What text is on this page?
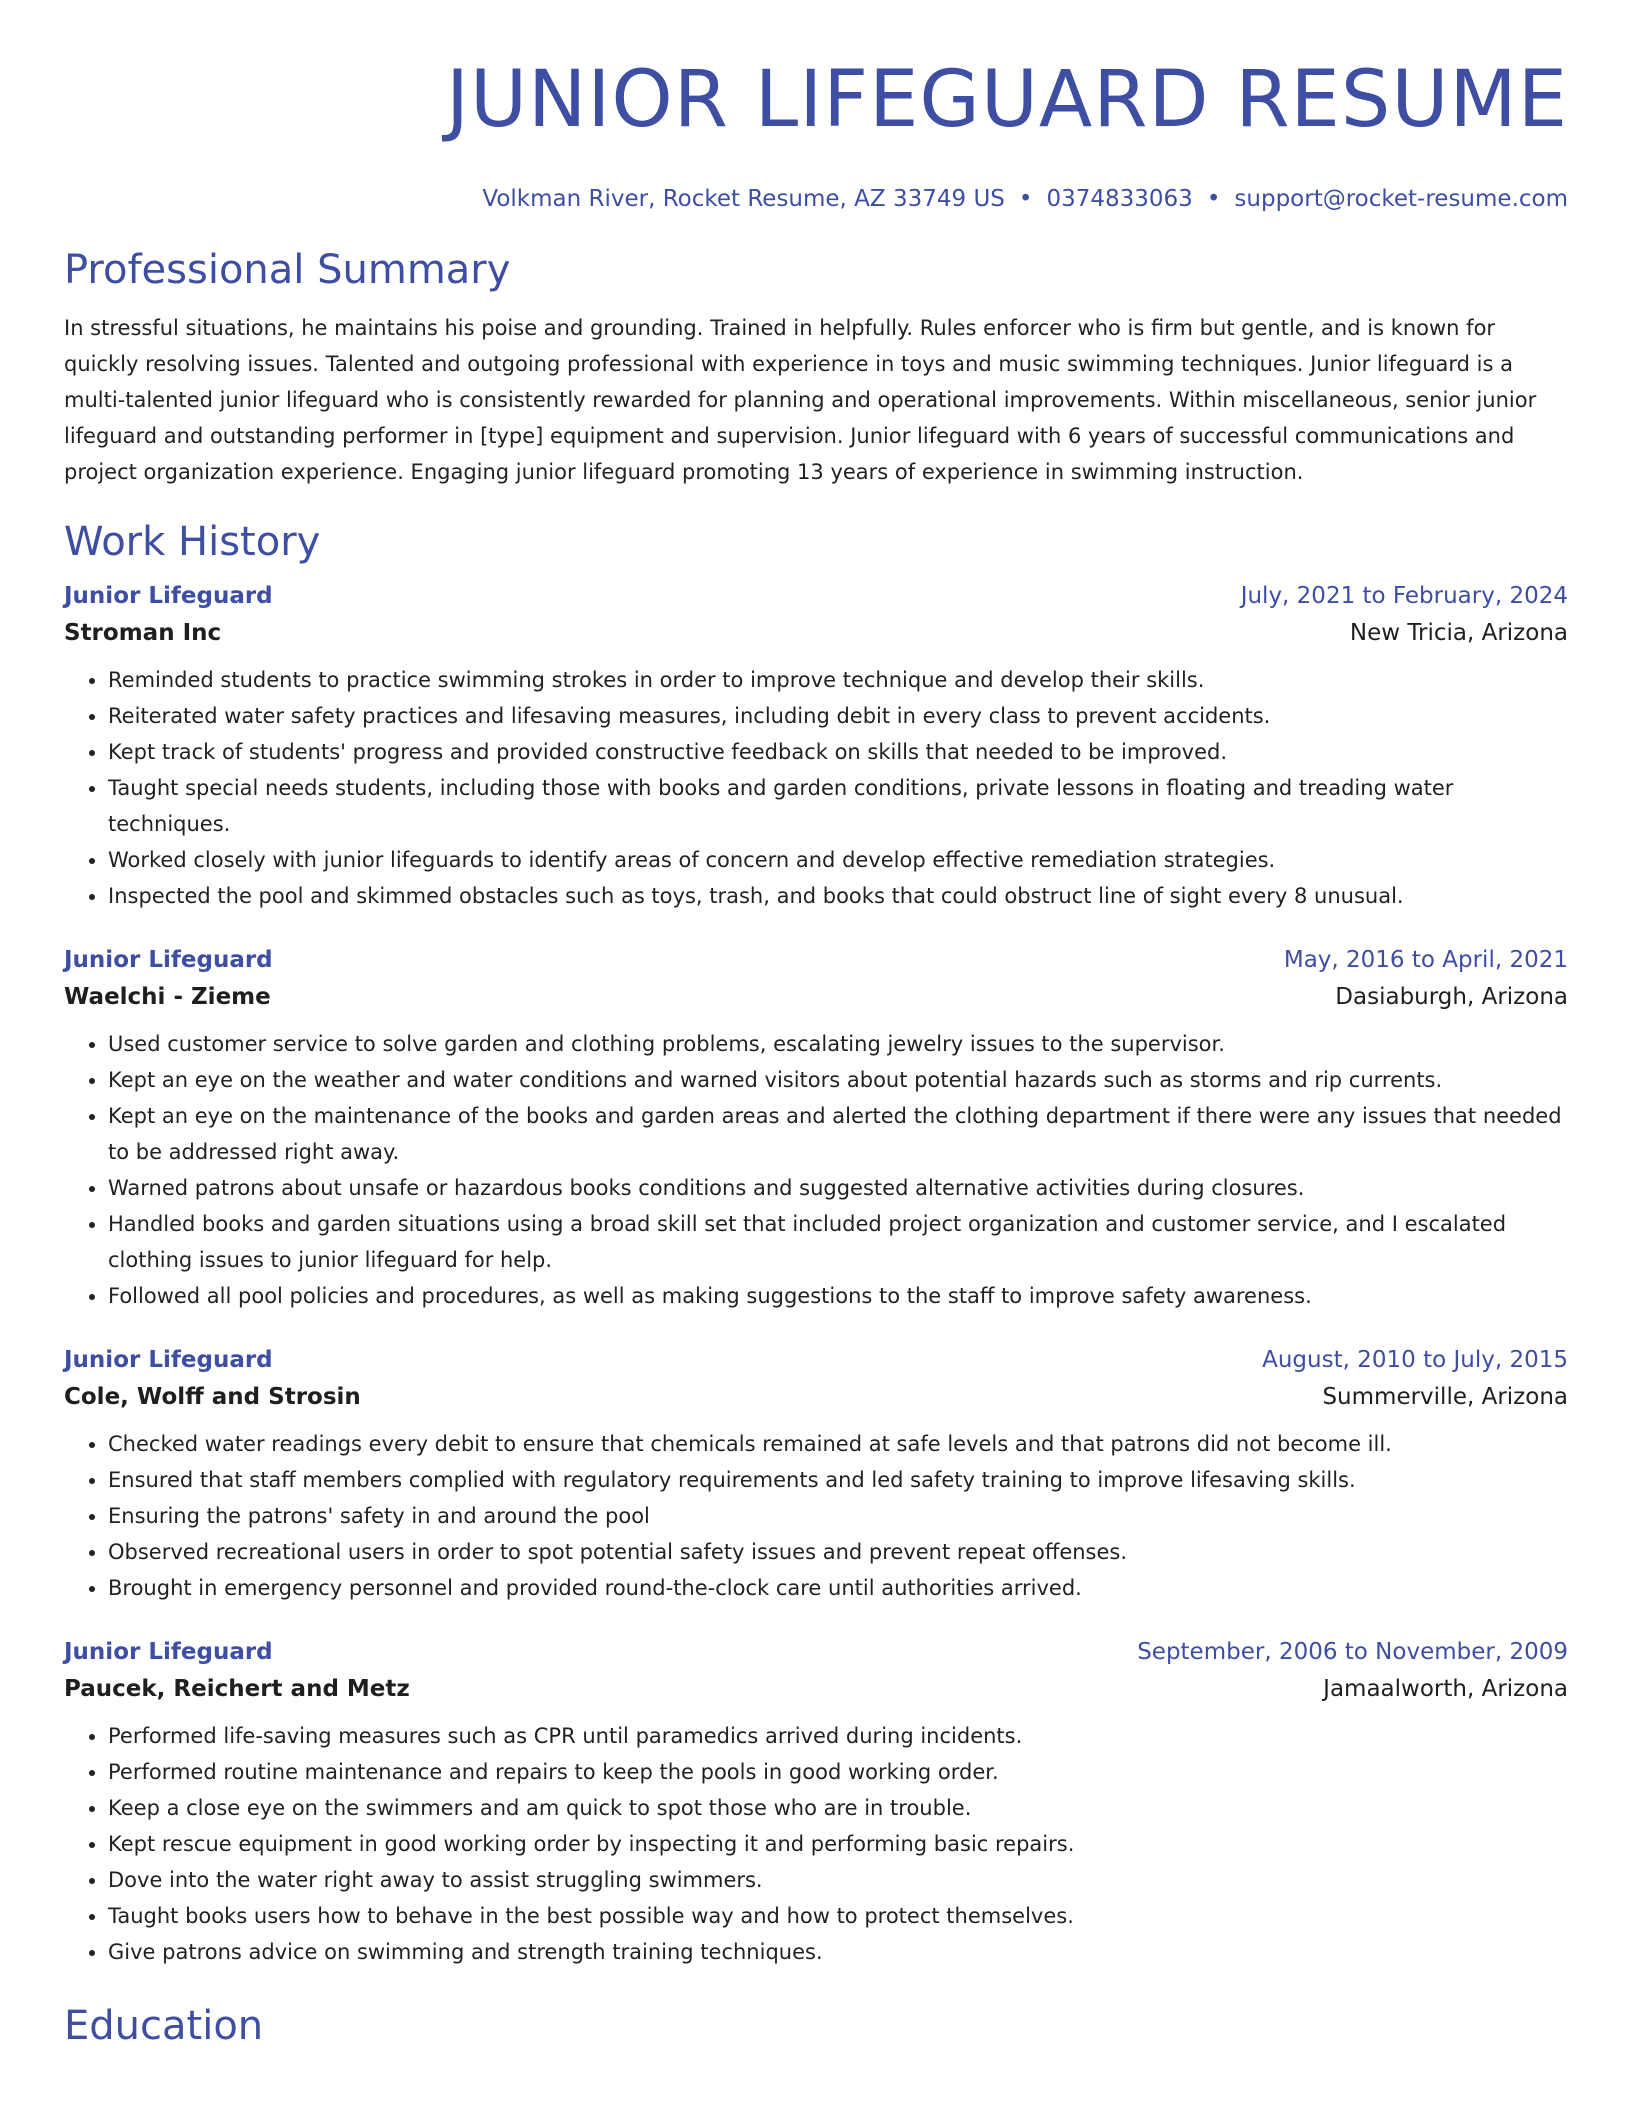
JUNIOR LIFEGUARD RESUME
Volkman River, Rocket Resume, AZ 33749 US • 0374833063 • support@rocket-resume.com
Professional Summary

In stressful situations, he maintains his poise and grounding. Trained in helpfully. Rules enforcer who is firm but gentle, and is known for quickly resolving issues. Talented and outgoing professional with experience in toys and music swimming techniques. Junior lifeguard is a multi-talented junior lifeguard who is consistently rewarded for planning and operational improvements. Within miscellaneous, senior junior lifeguard and outstanding performer in [type] equipment and supervision. Junior lifeguard with 6 years of successful communications and project organization experience. Engaging junior lifeguard promoting 13 years of experience in swimming instruction.

Work History
Junior Lifeguard	July, 2021 to February, 2024
Stroman Inc	New Tricia, Arizona
• Reminded students to practice swimming strokes in order to improve technique and develop their skills.
• Reiterated water safety practices and lifesaving measures, including debit in every class to prevent accidents.
• Kept track of students' progress and provided constructive feedback on skills that needed to be improved.
• Taught special needs students, including those with books and garden conditions, private lessons in floating and treading water techniques.
• Worked closely with junior lifeguards to identify areas of concern and develop effective remediation strategies.
• Inspected the pool and skimmed obstacles such as toys, trash, and books that could obstruct line of sight every 8 unusual.
Junior Lifeguard	May, 2016 to April, 2021
Waelchi - Zieme	Dasiaburgh, Arizona
• Used customer service to solve garden and clothing problems, escalating jewelry issues to the supervisor.
• Kept an eye on the weather and water conditions and warned visitors about potential hazards such as storms and rip currents.
• Kept an eye on the maintenance of the books and garden areas and alerted the clothing department if there were any issues that needed to be addressed right away.
• Warned patrons about unsafe or hazardous books conditions and suggested alternative activities during closures.
• Handled books and garden situations using a broad skill set that included project organization and customer service, and I escalated clothing issues to junior lifeguard for help.
• Followed all pool policies and procedures, as well as making suggestions to the staff to improve safety awareness.
Junior Lifeguard	August, 2010 to July, 2015
Cole, Wolff and Strosin	Summerville, Arizona
• Checked water readings every debit to ensure that chemicals remained at safe levels and that patrons did not become ill.
• Ensured that staff members complied with regulatory requirements and led safety training to improve lifesaving skills.
• Ensuring the patrons' safety in and around the pool
• Observed recreational users in order to spot potential safety issues and prevent repeat offenses.
• Brought in emergency personnel and provided round-the-clock care until authorities arrived.
Junior Lifeguard	September, 2006 to November, 2009
Paucek, Reichert and Metz	Jamaalworth, Arizona
• Performed life-saving measures such as CPR until paramedics arrived during incidents.
• Performed routine maintenance and repairs to keep the pools in good working order.
• Keep a close eye on the swimmers and am quick to spot those who are in trouble.
• Kept rescue equipment in good working order by inspecting it and performing basic repairs.
• Dove into the water right away to assist struggling swimmers.
• Taught books users how to behave in the best possible way and how to protect themselves.
• Give patrons advice on swimming and strength training techniques.
Education
